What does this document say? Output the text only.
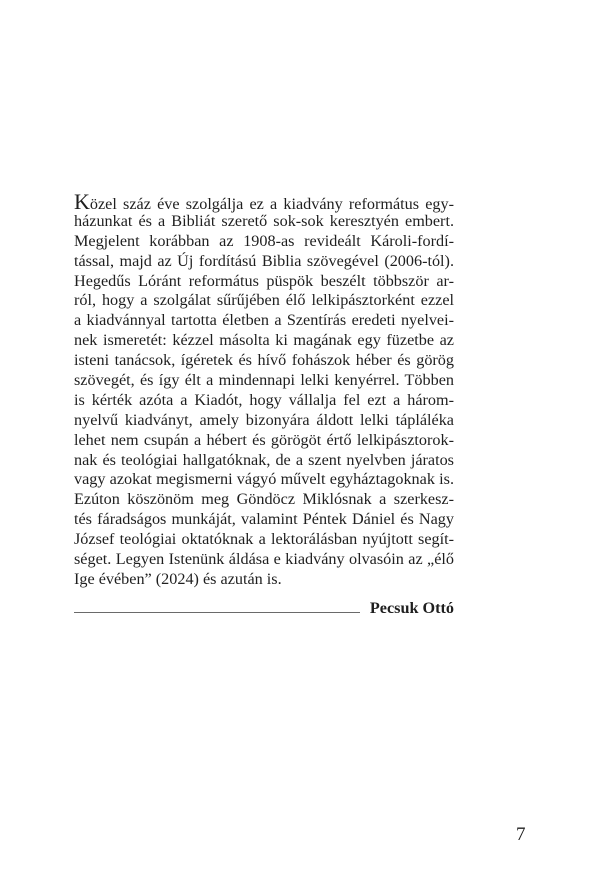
Közel száz éve szolgálja ez a kiadvány református egy-
házunkat és a Bibliát szerető sok-sok keresztyén embert.
Megjelent korábban az 1908-as revideált Károli-fordí-
tással, majd az Új fordítású Biblia szövegével (2006-tól).
Hegedűs Lóránt református püspök beszélt többször ar-
ról, hogy a szolgálat sűrűjében élő lelkipásztorként ezzel
a kiadvánnyal tartotta életben a Szentírás eredeti nyelvei-
nek ismeretét: kézzel másolta ki magának egy füzetbe az
isteni tanácsok, ígéretek és hívő fohászok héber és görög
szövegét, és így élt a mindennapi lelki kenyérrel. Többen
is kérték azóta a Kiadót, hogy vállalja fel ezt a három-
nyelvű kiadványt, amely bizonyára áldott lelki tápláléka
lehet nem csupán a hébert és görögöt értő lelkipásztorok-
nak és teológiai hallgatóknak, de a szent nyelvben járatos
vagy azokat megismerni vágyó művelt egyháztagoknak is.
Ezúton köszönöm meg Göndöcz Miklósnak a szerkesz-
tés fáradságos munkáját, valamint Péntek Dániel és Nagy
József teológiai oktatóknak a lektorálásban nyújtott segít-
séget. Legyen Istenünk áldása e kiadvány olvasóin az „élő
Ige évében” (2024) és azután is.
Pecsuk Ottó
7
